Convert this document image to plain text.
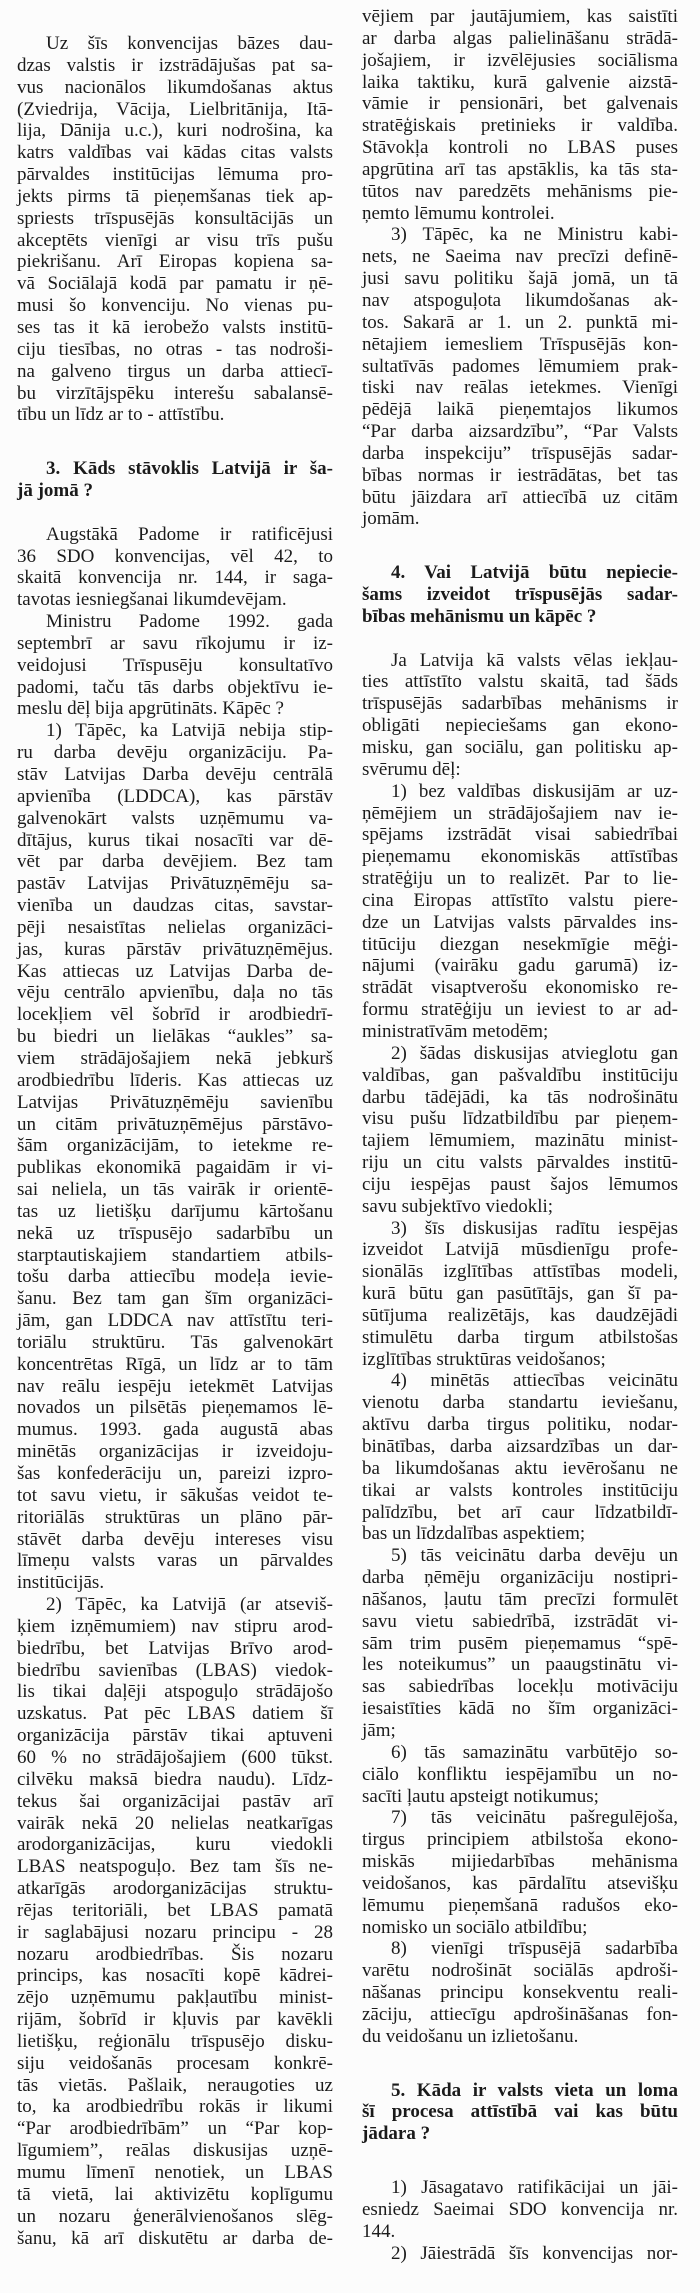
Uz šīs konvencijas bāzes dau-
dzas valstis ir izstrādājušas pat sa-
vus nacionālos likumdošanas aktus
(Zviedrija, Vācija, Lielbritānija, Itā-
lija, Dānija u.c.), kuri nodrošina, ka
katrs valdības vai kādas citas valsts
pārvaldes institūcijas lēmuma pro-
jekts pirms tā pieņemšanas tiek ap-
spriests trīspusējās konsultācijās un
akceptēts vienīgi ar visu trīs pušu
piekrišanu. Arī Eiropas kopiena sa-
vā Sociālajā kodā par pamatu ir ņē-
musi šo konvenciju. No vienas pu-
ses tas it kā ierobežo valsts institū-
ciju tiesības, no otras - tas nodroši-
na galveno tirgus un darba attiecī-
bu virzītājspēku interešu sabalansē-
tību un līdz ar to - attīstību.
3. Kāds stāvoklis Latvijā ir ša-
jā jomā ?
Augstākā Padome ir ratificējusi
36 SDO konvencijas, vēl 42, to
skaitā konvencija nr. 144, ir saga-
tavotas iesniegšanai likumdevējam.
Ministru Padome 1992. gada
septembrī ar savu rīkojumu ir iz-
veidojusi Trīspusēju konsultatīvo
padomi, taču tās darbs objektīvu ie-
meslu dēļ bija apgrūtināts. Kāpēc ?
1) Tāpēc, ka Latvijā nebija stip-
ru darba devēju organizāciju. Pa-
stāv Latvijas Darba devēju centrālā
apvienība (LDDCA), kas pārstāv
galvenokārt valsts uzņēmumu va-
dītājus, kurus tikai nosacīti var dē-
vēt par darba devējiem. Bez tam
pastāv Latvijas Privātuzņēmēju sa-
vienība un daudzas citas, savstar-
pēji nesaistītas nelielas organizāci-
jas, kuras pārstāv privātuzņēmējus.
Kas attiecas uz Latvijas Darba de-
vēju centrālo apvienību, daļa no tās
locekļiem vēl šobrīd ir arodbiedrī-
bu biedri un lielākas “aukles” sa-
viem strādājošajiem nekā jebkurš
arodbiedrību līderis. Kas attiecas uz
Latvijas Privātuzņēmēju savienību
un citām privātuzņēmējus pārstāvo-
šām organizācijām, to ietekme re-
publikas ekonomikā pagaidām ir vi-
sai neliela, un tās vairāk ir orientē-
tas uz lietišķu darījumu kārtošanu
nekā uz trīspusējo sadarbību un
starptautiskajiem standartiem atbils-
tošu darba attiecību modeļa ievie-
šanu. Bez tam gan šīm organizāci-
jām, gan LDDCA nav attīstītu teri-
toriālu struktūru. Tās galvenokārt
koncentrētas Rīgā, un līdz ar to tām
nav reālu iespēju ietekmēt Latvijas
novados un pilsētās pieņemamos lē-
mumus. 1993. gada augustā abas
minētās organizācijas ir izveidoju-
šas konfederāciju un, pareizi izpro-
tot savu vietu, ir sākušas veidot te-
ritoriālās struktūras un plāno pār-
stāvēt darba devēju intereses visu
līmeņu valsts varas un pārvaldes
institūcijās.
2) Tāpēc, ka Latvijā (ar atseviš-
ķiem izņēmumiem) nav stipru arod-
biedrību, bet Latvijas Brīvo arod-
biedrību savienības (LBAS) viedok-
lis tikai daļēji atspoguļo strādājošo
uzskatus. Pat pēc LBAS datiem šī
organizācija pārstāv tikai aptuveni
60 % no strādājošajiem (600 tūkst.
cilvēku maksā biedra naudu). Līdz-
tekus šai organizācijai pastāv arī
vairāk nekā 20 nelielas neatkarīgas
arodorganizācijas, kuru viedokli
LBAS neatspoguļo. Bez tam šīs ne-
atkarīgās arodorganizācijas struktu-
rējas teritoriāli, bet LBAS pamatā
ir saglabājusi nozaru principu - 28
nozaru arodbiedrības. Šis nozaru
princips, kas nosacīti kopē kādrei-
zējo uzņēmumu pakļautību minist-
rijām, šobrīd ir kļuvis par kavēkli
lietišķu, reģionālu trīspusējo disku-
siju veidošanās procesam konkrē-
tās vietās. Pašlaik, neraugoties uz
to, ka arodbiedrību rokās ir likumi
“Par arodbiedrībām” un “Par kop-
līgumiem”, reālas diskusijas uzņē-
mumu līmenī nenotiek, un LBAS
tā vietā, lai aktivizētu koplīgumu
un nozaru ģenerālvienošanos slēg-
šanu, kā arī diskutētu ar darba de-
vējiem par jautājumiem, kas saistīti
ar darba algas palielināšanu strādā-
jošajiem, ir izvēlējusies sociālisma
laika taktiku, kurā galvenie aizstā-
vāmie ir pensionāri, bet galvenais
stratēģiskais pretinieks ir valdība.
Stāvokļa kontroli no LBAS puses
apgrūtina arī tas apstāklis, ka tās sta-
tūtos nav paredzēts mehānisms pie-
ņemto lēmumu kontrolei.
3) Tāpēc, ka ne Ministru kabi-
nets, ne Saeima nav precīzi definē-
jusi savu politiku šajā jomā, un tā
nav atspoguļota likumdošanas ak-
tos. Sakarā ar 1. un 2. punktā mi-
nētajiem iemesliem Trīspusējās kon-
sultatīvās padomes lēmumiem prak-
tiski nav reālas ietekmes. Vienīgi
pēdējā laikā pieņemtajos likumos
“Par darba aizsardzību”, “Par Valsts
darba inspekciju” trīspusējās sadar-
bības normas ir iestrādātas, bet tas
būtu jāizdara arī attiecībā uz citām
jomām.
4. Vai Latvijā būtu nepiecie-
šams izveidot trīspusējās sadar-
bības mehānismu un kāpēc ?
Ja Latvija kā valsts vēlas iekļau-
ties attīstīto valstu skaitā, tad šāds
trīspusējās sadarbības mehānisms ir
obligāti nepieciešams gan ekono-
misku, gan sociālu, gan politisku ap-
svērumu dēļ:
1) bez valdības diskusijām ar uz-
ņēmējiem un strādājošajiem nav ie-
spējams izstrādāt visai sabiedrībai
pieņemamu ekonomiskās attīstības
stratēģiju un to realizēt. Par to lie-
cina Eiropas attīstīto valstu piere-
dze un Latvijas valsts pārvaldes ins-
titūciju diezgan nesekmīgie mēģi-
nājumi (vairāku gadu garumā) iz-
strādāt visaptverošu ekonomisko re-
formu stratēģiju un ieviest to ar ad-
ministratīvām metodēm;
2) šādas diskusijas atvieglotu gan
valdības, gan pašvaldību institūciju
darbu tādējādi, ka tās nodrošinātu
visu pušu līdzatbildību par pieņem-
tajiem lēmumiem, mazinātu minist-
riju un citu valsts pārvaldes institū-
ciju iespējas paust šajos lēmumos
savu subjektīvo viedokli;
3) šīs diskusijas radītu iespējas
izveidot Latvijā mūsdienīgu profe-
sionālās izglītības attīstības modeli,
kurā būtu gan pasūtītājs, gan šī pa-
sūtījuma realizētājs, kas daudzējādi
stimulētu darba tirgum atbilstošas
izglītības struktūras veidošanos;
4) minētās attiecības veicinātu
vienotu darba standartu ieviešanu,
aktīvu darba tirgus politiku, nodar-
binātības, darba aizsardzības un dar-
ba likumdošanas aktu ievērošanu ne
tikai ar valsts kontroles institūciju
palīdzību, bet arī caur līdzatbildī-
bas un līdzdalības aspektiem;
5) tās veicinātu darba devēju un
darba ņēmēju organizāciju nostipri-
nāšanos, ļautu tām precīzi formulēt
savu vietu sabiedrībā, izstrādāt vi-
sām trim pusēm pieņemamus “spē-
les noteikumus” un paaugstinātu vi-
sas sabiedrības locekļu motivāciju
iesaistīties kādā no šīm organizāci-
jām;
6) tās samazinātu varbūtējo so-
ciālo konfliktu iespējamību un no-
sacīti ļautu apsteigt notikumus;
7) tās veicinātu pašregulējoša,
tirgus principiem atbilstoša ekono-
miskās mijiedarbības mehānisma
veidošanos, kas pārdalītu atsevišķu
lēmumu pieņemšanā radušos eko-
nomisko un sociālo atbildību;
8) vienīgi trīspusējā sadarbība
varētu nodrošināt sociālās apdroši-
nāšanas principu konsekventu reali-
zāciju, attiecīgu apdrošināšanas fon-
du veidošanu un izlietošanu.
5. Kāda ir valsts vieta un loma
šī procesa attīstībā vai kas būtu
jādara ?
1) Jāsagatavo ratifikācijai un jāi-
esniedz Saeimai SDO konvencija nr.
144.
2) Jāiestrādā šīs konvencijas nor-
